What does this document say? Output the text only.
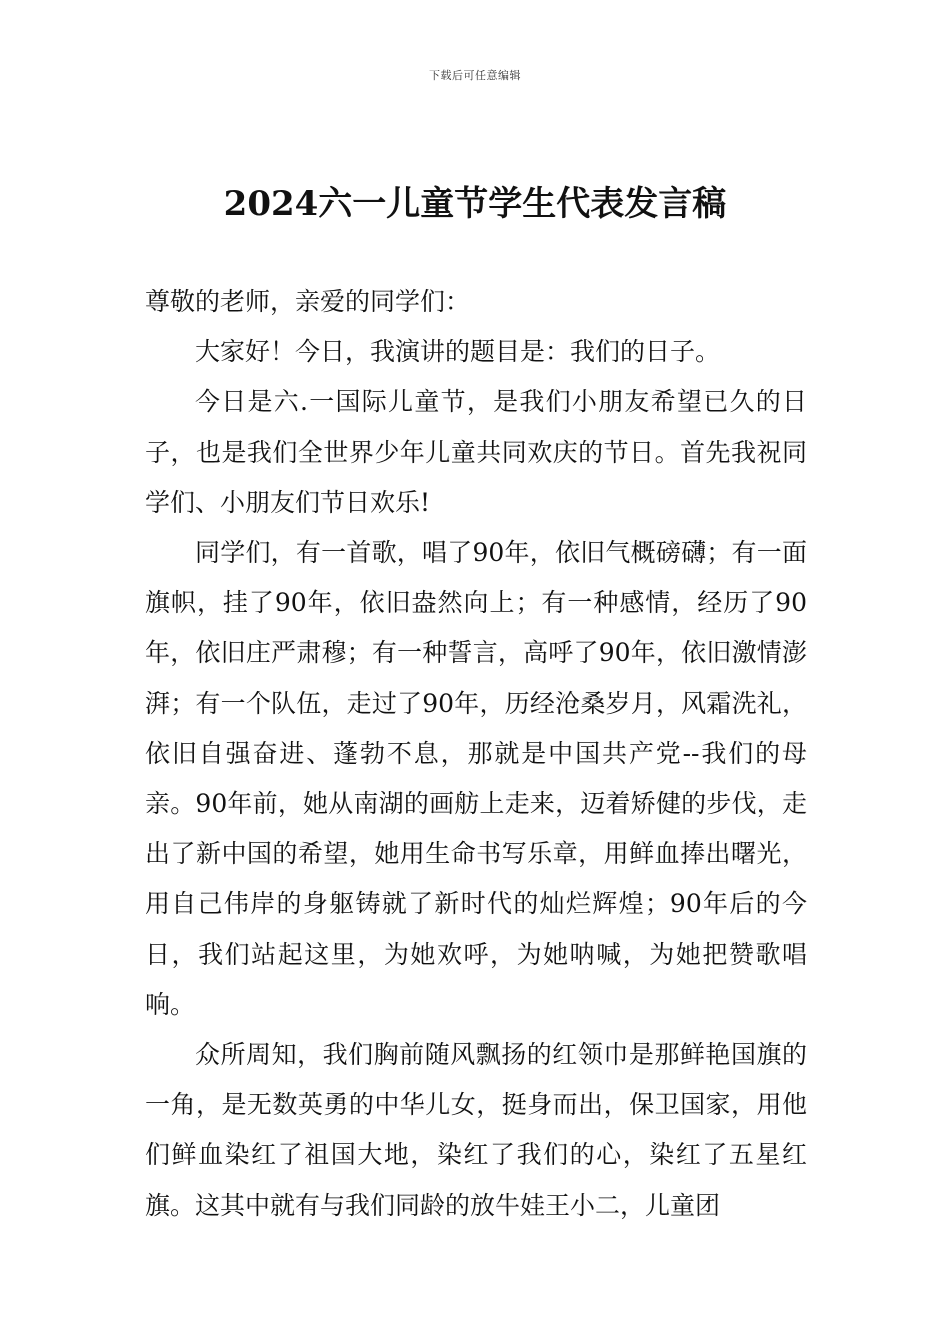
下载后可任意编辑
2024六一儿童节学生代表发言稿

尊敬的老师，亲爱的同学们：

大家好！今日，我演讲的题目是：我们的日子。

今日是六.一国际儿童节，是我们小朋友希望已久的日子，也是我们全世界少年儿童共同欢庆的节日。首先我祝同学们、小朋友们节日欢乐!

同学们，有一首歌，唱了90年，依旧气概磅礴；有一面旗帜，挂了90年，依旧盎然向上；有一种感情，经历了90年，依旧庄严肃穆；有一种誓言，高呼了90年，依旧激情澎湃；有一个队伍，走过了90年，历经沧桑岁月，风霜洗礼，依旧自强奋进、蓬勃不息，那就是中国共产党--我们的母亲。90年前，她从南湖的画舫上走来，迈着矫健的步伐，走出了新中国的希望，她用生命书写乐章，用鲜血捧出曙光，用自己伟岸的身躯铸就了新时代的灿烂辉煌；90年后的今日，我们站起这里，为她欢呼，为她呐喊，为她把赞歌唱响。

众所周知，我们胸前随风飘扬的红领巾是那鲜艳国旗的一角，是无数英勇的中华儿女，挺身而出，保卫国家，用他们鲜血染红了祖国大地，染红了我们的心，染红了五星红旗。这其中就有与我们同龄的放牛娃王小二，儿童团
